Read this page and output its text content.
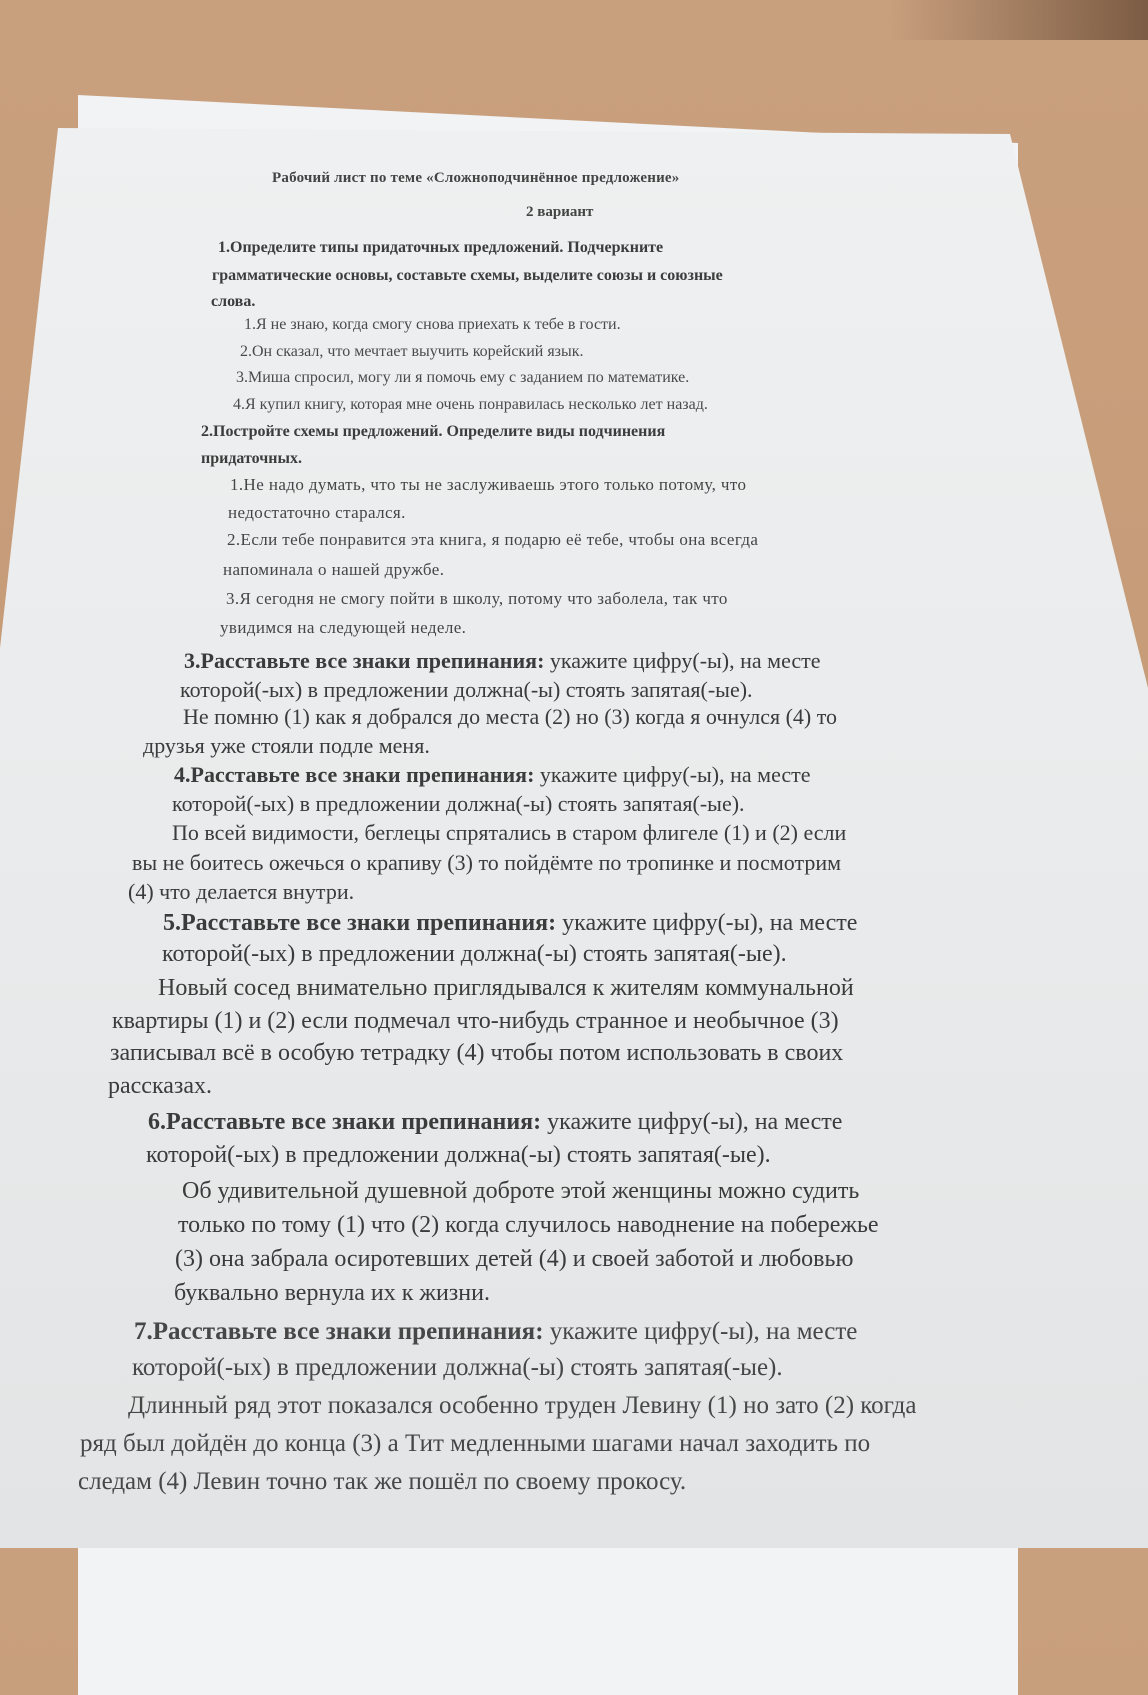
Рабочий лист по теме «Сложноподчинённое предложение»
2 вариант
1.Определите типы придаточных предложений. Подчеркните
грамматические основы, составьте схемы, выделите союзы и союзные
слова.
1.Я не знаю, когда смогу снова приехать к тебе в гости.
2.Он сказал, что мечтает выучить корейский язык.
3.Миша спросил, могу ли я помочь ему с заданием по математике.
4.Я купил книгу, которая мне очень понравилась несколько лет назад.
2.Постройте схемы предложений. Определите виды подчинения
придаточных.
1.Не надо думать, что ты не заслуживаешь этого только потому, что
недостаточно старался.
2.Если тебе понравится эта книга, я подарю её тебе, чтобы она всегда
напоминала о нашей дружбе.
3.Я сегодня не смогу пойти в школу, потому что заболела, так что
увидимся на следующей неделе.
3.Расставьте все знаки препинания: укажите цифру(-ы), на месте
которой(-ых) в предложении должна(-ы) стоять запятая(-ые).
Не помню (1) как я добрался до места (2) но (3) когда я очнулся (4) то
друзья уже стояли подле меня.
4.Расставьте все знаки препинания: укажите цифру(-ы), на месте
которой(-ых) в предложении должна(-ы) стоять запятая(-ые).
По всей видимости, беглецы спрятались в старом флигеле (1) и (2) если
вы не боитесь ожечься о крапиву (3) то пойдёмте по тропинке и посмотрим
(4) что делается внутри.
5.Расставьте все знаки препинания: укажите цифру(-ы), на месте
которой(-ых) в предложении должна(-ы) стоять запятая(-ые).
Новый сосед внимательно приглядывался к жителям коммунальной
квартиры (1) и (2) если подмечал что-нибудь странное и необычное (3)
записывал всё в особую тетрадку (4) чтобы потом использовать в своих
рассказах.
6.Расставьте все знаки препинания: укажите цифру(-ы), на месте
которой(-ых) в предложении должна(-ы) стоять запятая(-ые).
Об удивительной душевной доброте этой женщины можно судить
только по тому (1) что (2) когда случилось наводнение на побережье
(3) она забрала осиротевших детей (4) и своей заботой и любовью
буквально вернула их к жизни.
7.Расставьте все знаки препинания: укажите цифру(-ы), на месте
которой(-ых) в предложении должна(-ы) стоять запятая(-ые).
Длинный ряд этот показался особенно труден Левину (1) но зато (2) когда
ряд был дойдён до конца (3) а Тит медленными шагами начал заходить по
следам (4) Левин точно так же пошёл по своему прокосу.
